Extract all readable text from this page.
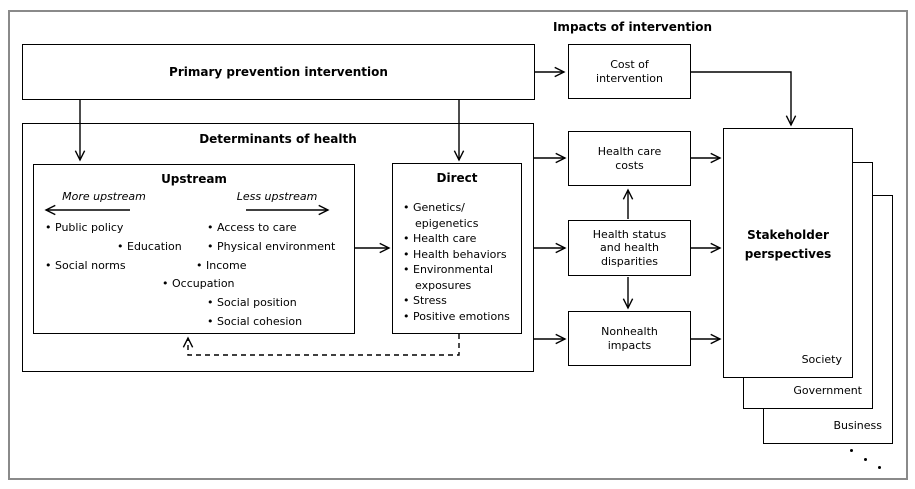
Impacts of intervention
Primary prevention intervention
Cost of intervention
Determinants of health
Upstream
More upstream	Less upstream
• Public policy	• Access to care
• Education	• Physical environment
• Social norms	• Income
• Occupation
• Social position
• Social cohesion
Direct
• Genetics/​epigenetics
• Health care
• Health behaviors
• Environmental exposures
• Stress
• Positive emotions
Health care costs
Health status and health disparities
Nonhealth impacts
Business
Government
Stakeholder perspectives
Society
